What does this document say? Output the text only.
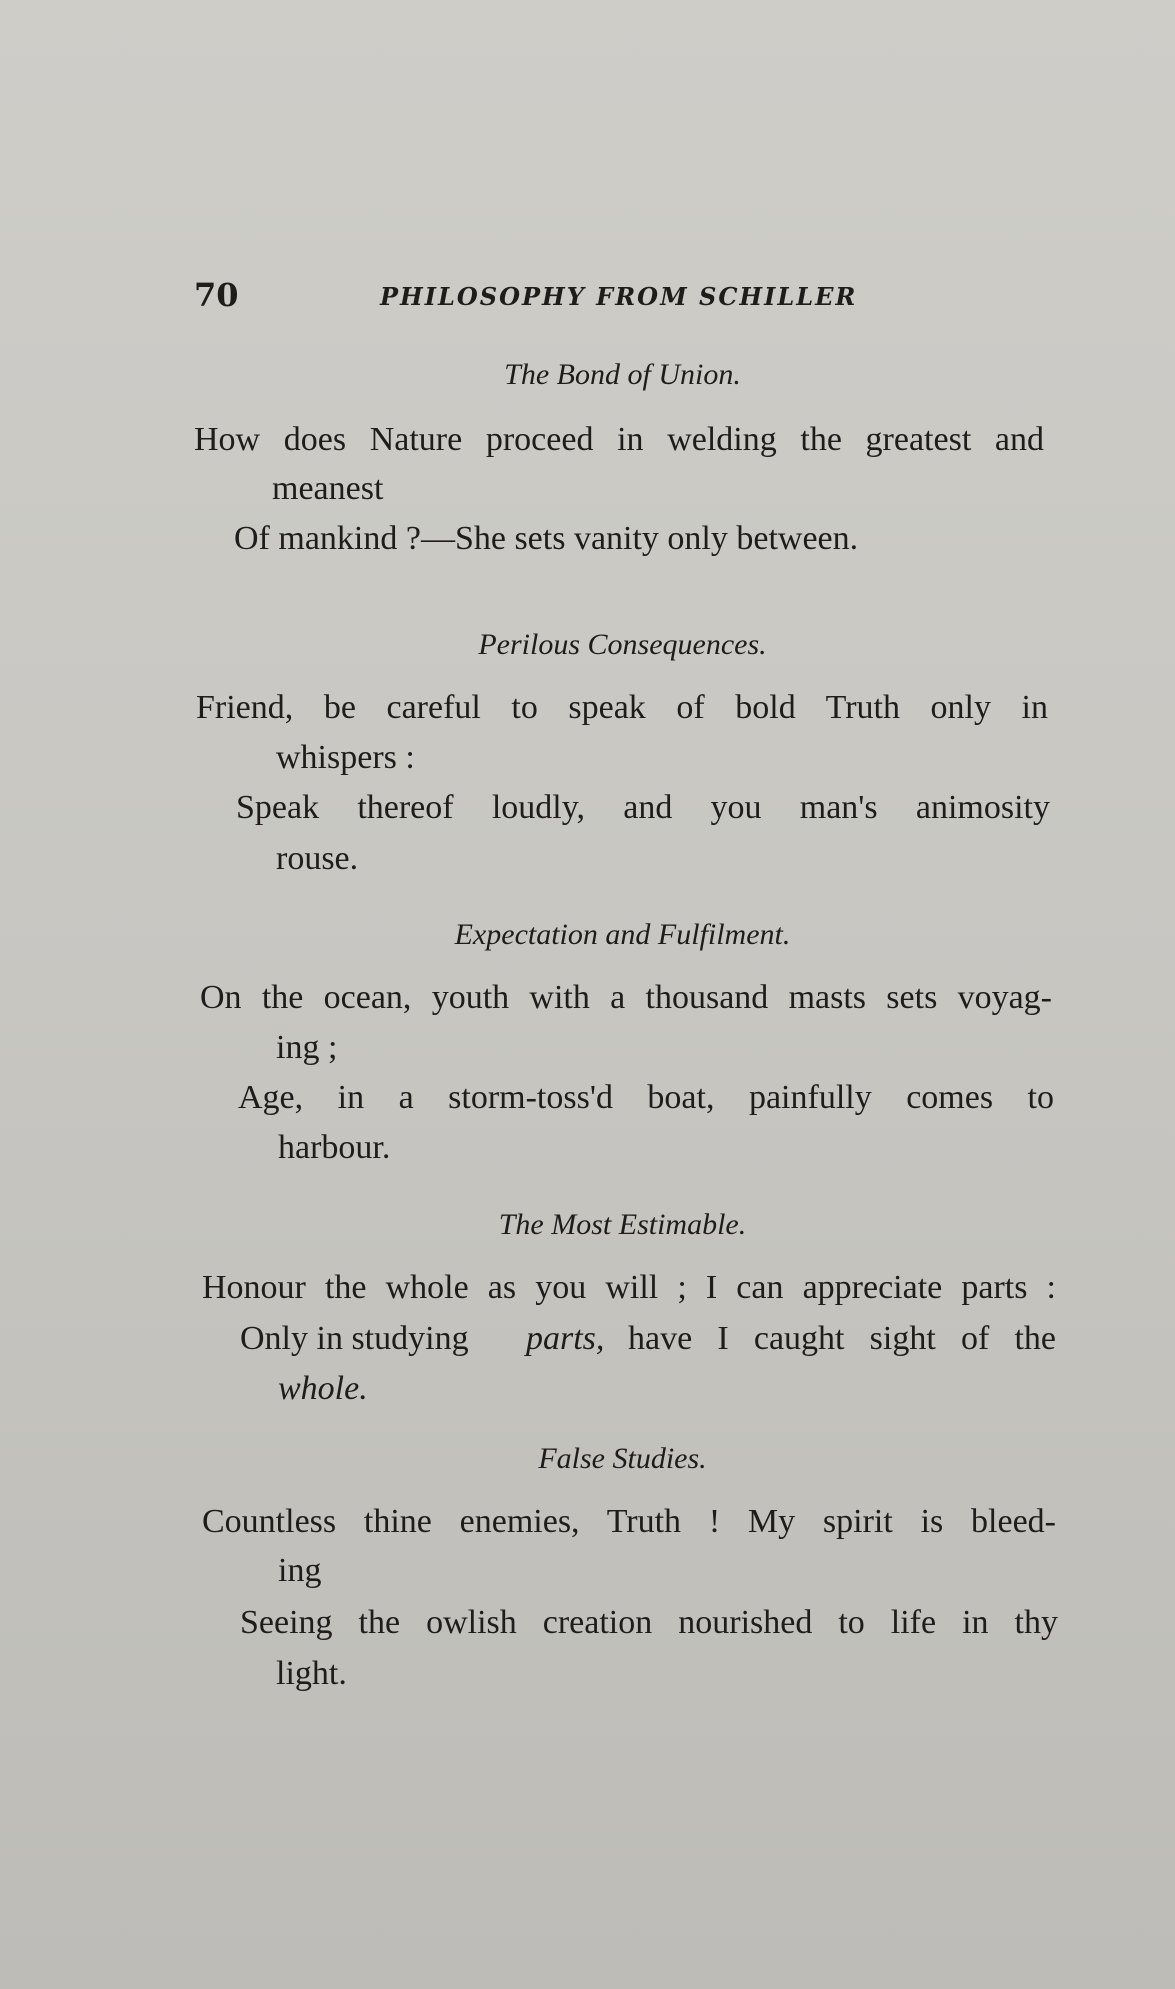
70	PHILOSOPHY FROM SCHILLER
The Bond of Union.
How does Nature proceed in welding the greatest and
meanest
Of mankind ?—She sets vanity only between.
Perilous Consequences.
Friend, be careful to speak of bold Truth only in
whispers :
Speak thereof loudly, and you man's animosity
rouse.
Expectation and Fulfilment.
On the ocean, youth with a thousand masts sets voyag-
ing ;
Age, in a storm-toss'd boat, painfully comes to
harbour.
The Most Estimable.
Honour the whole as you will ; I can appreciate parts :
Only in studying parts, have I caught sight of the
whole.
False Studies.
Countless thine enemies, Truth ! My spirit is bleed-
ing
Seeing the owlish creation nourished to life in thy
light.
